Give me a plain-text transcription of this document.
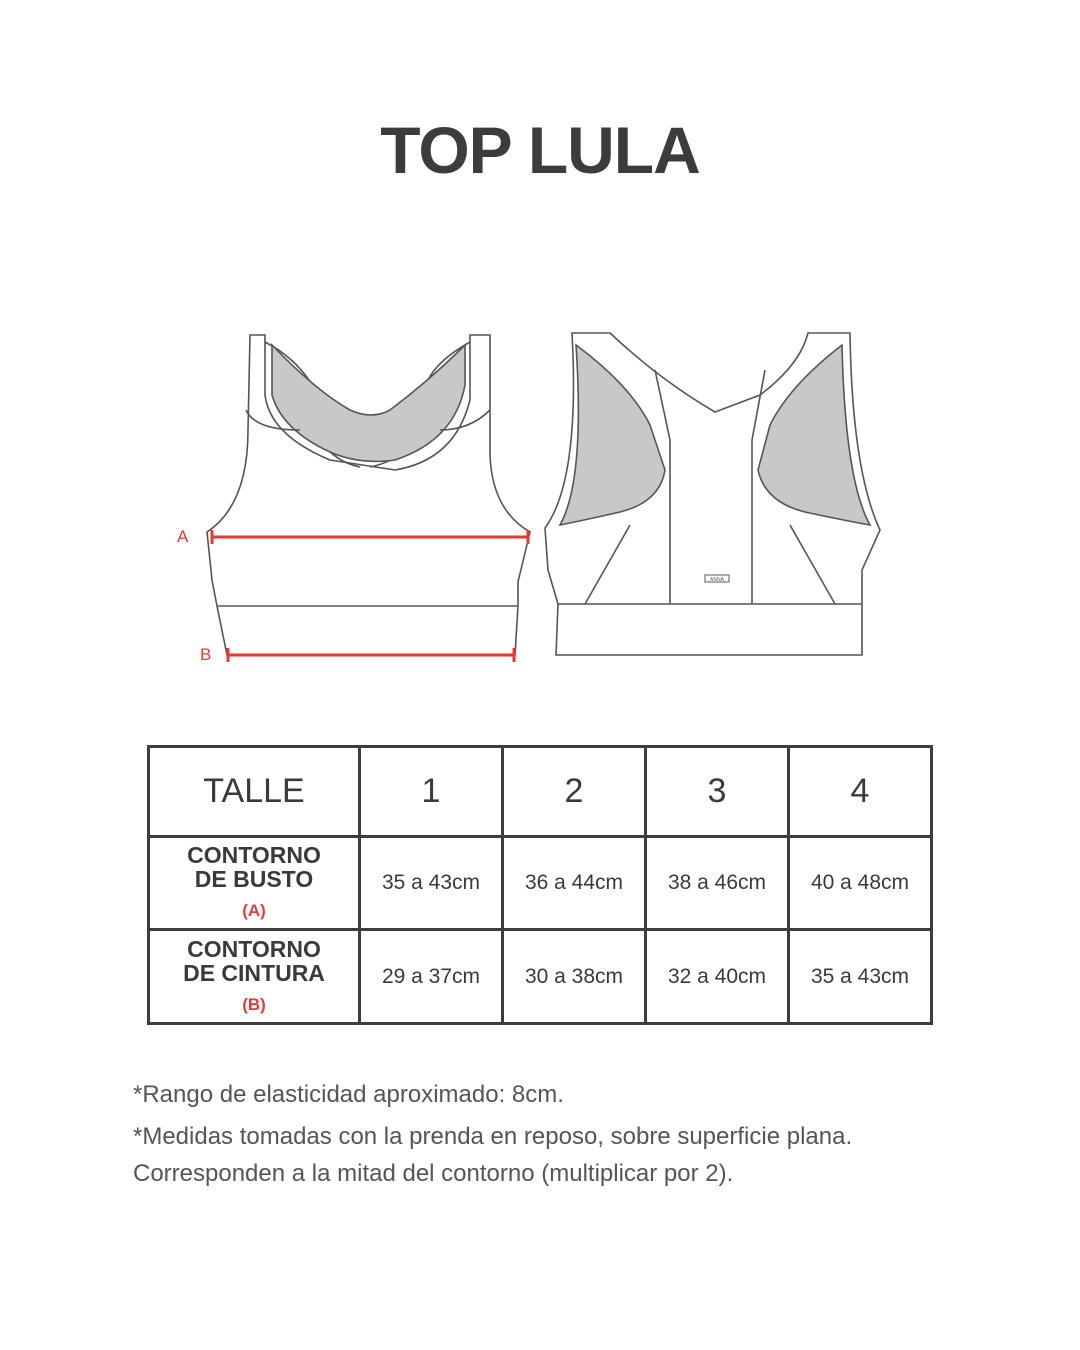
TOP LULA
A
B
ANNA
TALLE	1	2	3	4
CONTORNO
DE BUSTO
(A)	35 a 43cm	36 a 44cm	38 a 46cm	40 a 48cm
CONTORNO
DE CINTURA
(B)	29 a 37cm	30 a 38cm	32 a 40cm	35 a 43cm

*Rango de elasticidad aproximado: 8cm.

*Medidas tomadas con la prenda en reposo, sobre superficie plana.

Corresponden a la mitad del contorno (multiplicar por 2).
